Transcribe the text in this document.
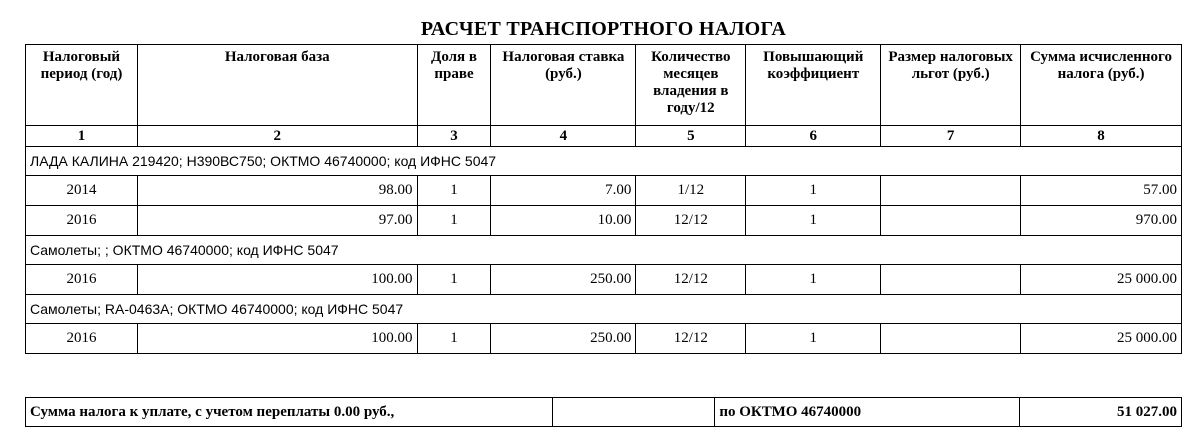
РАСЧЕТ ТРАНСПОРТНОГО НАЛОГА
Налоговый период (год)	Налоговая база	Доля в праве	Налоговая ставка (руб.)	Количество месяцев владения в году/12	Повышающий коэффициент	Размер налоговых льгот (руб.)	Сумма исчисленного налога (руб.)
1	2	3	4	5	6	7	8
ЛАДА КАЛИНА 219420; Н390ВС750; ОКТМО 46740000; код ИФНС 5047							
2014	98.00	1	7.00	1/12	1		57.00
2016	97.00	1	10.00	12/12	1		970.00
Самолеты; ; ОКТМО 46740000; код ИФНС 5047							
2016	100.00	1	250.00	12/12	1		25 000.00
Самолеты; RA-0463A; ОКТМО 46740000; код ИФНС 5047							
2016	100.00	1	250.00	12/12	1		25 000.00
Сумма налога к уплате, с учетом переплаты 0.00 руб.,		по ОКТМО 46740000	51 027.00
